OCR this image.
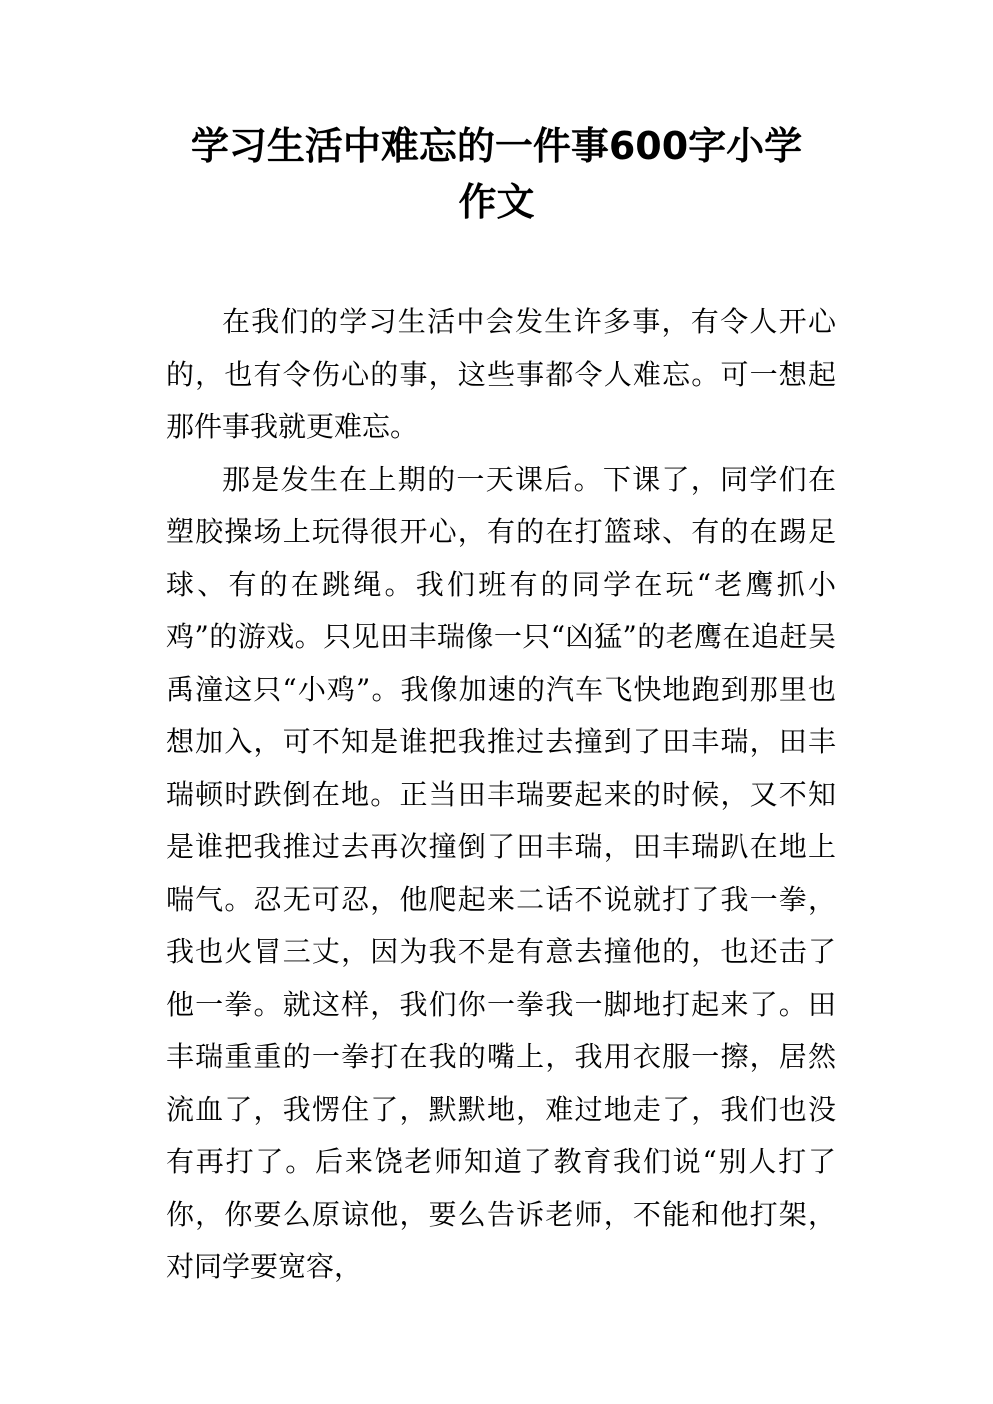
学习生活中难忘的一件事600字小学
作文

在我们的学习生活中会发生许多事，有令人开心的，也有令伤心的事，这些事都令人难忘。可一想起那件事我就更难忘。

那是发生在上期的一天课后。下课了，同学们在塑胶操场上玩得很开心，有的在打篮球、有的在踢足球、有的在跳绳。我们班有的同学在玩“老鹰抓小鸡”的游戏。只见田丰瑞像一只“凶猛”的老鹰在追赶吴禹潼这只“小鸡”。我像加速的汽车飞快地跑到那里也想加入，可不知是谁把我推过去撞到了田丰瑞，田丰瑞顿时跌倒在地。正当田丰瑞要起来的时候，又不知是谁把我推过去再次撞倒了田丰瑞，田丰瑞趴在地上喘气。忍无可忍，他爬起来二话不说就打了我一拳，我也火冒三丈，因为我不是有意去撞他的，也还击了他一拳。就这样，我们你一拳我一脚地打起来了。田丰瑞重重的一拳打在我的嘴上，我用衣服一擦，居然流血了，我愣住了，默默地，难过地走了，我们也没有再打了。后来饶老师知道了教育我们说“别人打了你，你要么原谅他，要么告诉老师，不能和他打架，对同学要宽容，
